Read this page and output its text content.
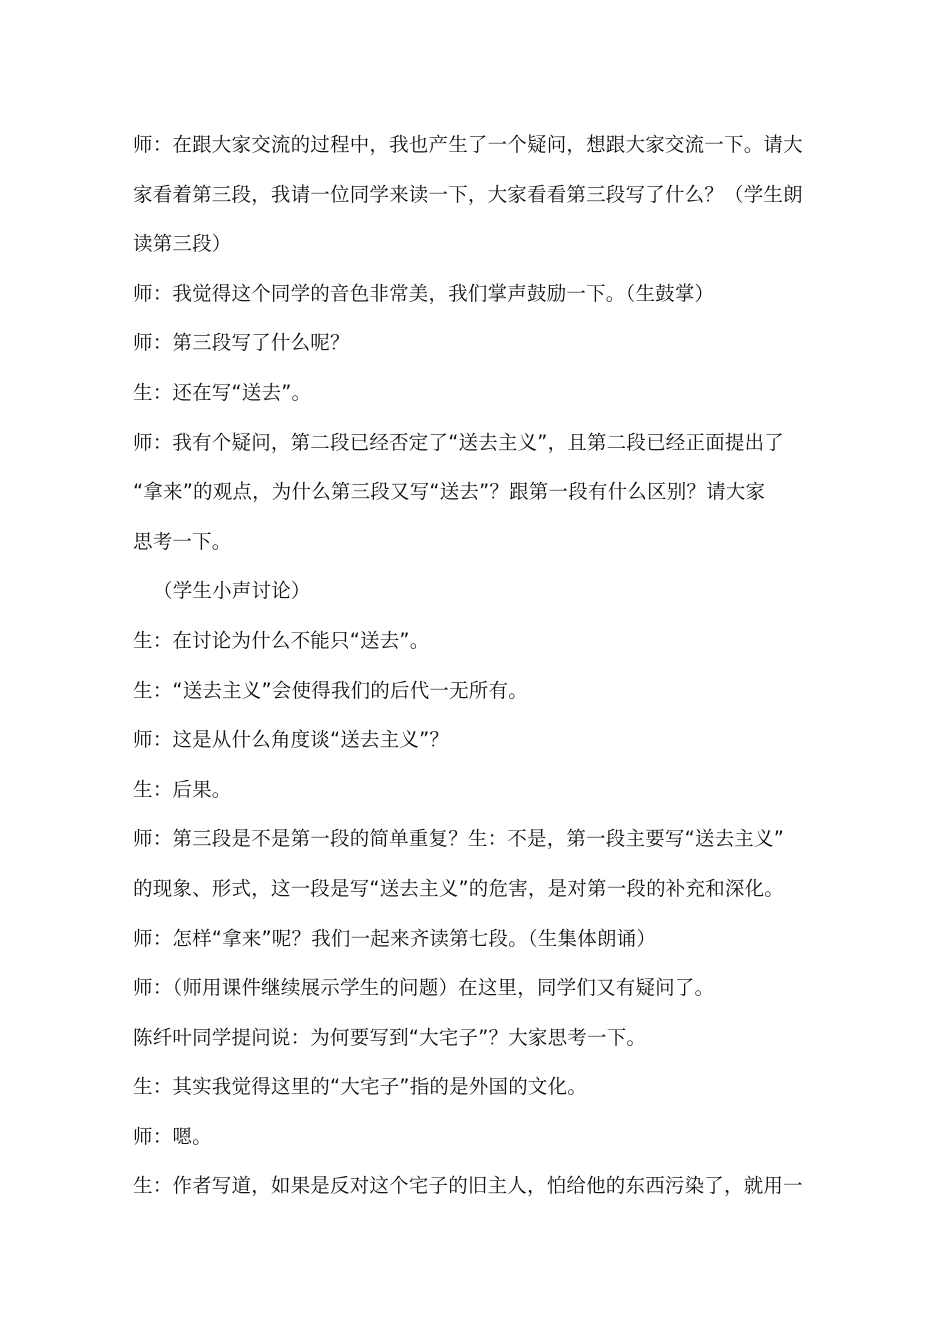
师：在跟大家交流的过程中，我也产生了一个疑问，想跟大家交流一下。请大
家看着第三段，我请一位同学来读一下，大家看看第三段写了什么？（学生朗
读第三段）
师：我觉得这个同学的音色非常美，我们掌声鼓励一下。（生鼓掌）
师：第三段写了什么呢？
生：还在写“送去”。
师：我有个疑问，第二段已经否定了“送去主义”，且第二段已经正面提出了
“拿来”的观点，为什么第三段又写“送去”？跟第一段有什么区别？请大家
思考一下。
（学生小声讨论）
生：在讨论为什么不能只“送去”。
生：“送去主义”会使得我们的后代一无所有。
师：这是从什么角度谈“送去主义”？
生：后果。
师：第三段是不是第一段的简单重复？生：不是，第一段主要写“送去主义”
的现象、形式，这一段是写“送去主义”的危害，是对第一段的补充和深化。
师：怎样“拿来”呢？我们一起来齐读第七段。（生集体朗诵）
师：（师用课件继续展示学生的问题）在这里，同学们又有疑问了。
陈纤叶同学提问说：为何要写到“大宅子”？大家思考一下。
生：其实我觉得这里的“大宅子”指的是外国的文化。
师：嗯。
生：作者写道，如果是反对这个宅子的旧主人，怕给他的东西污染了，就用一
